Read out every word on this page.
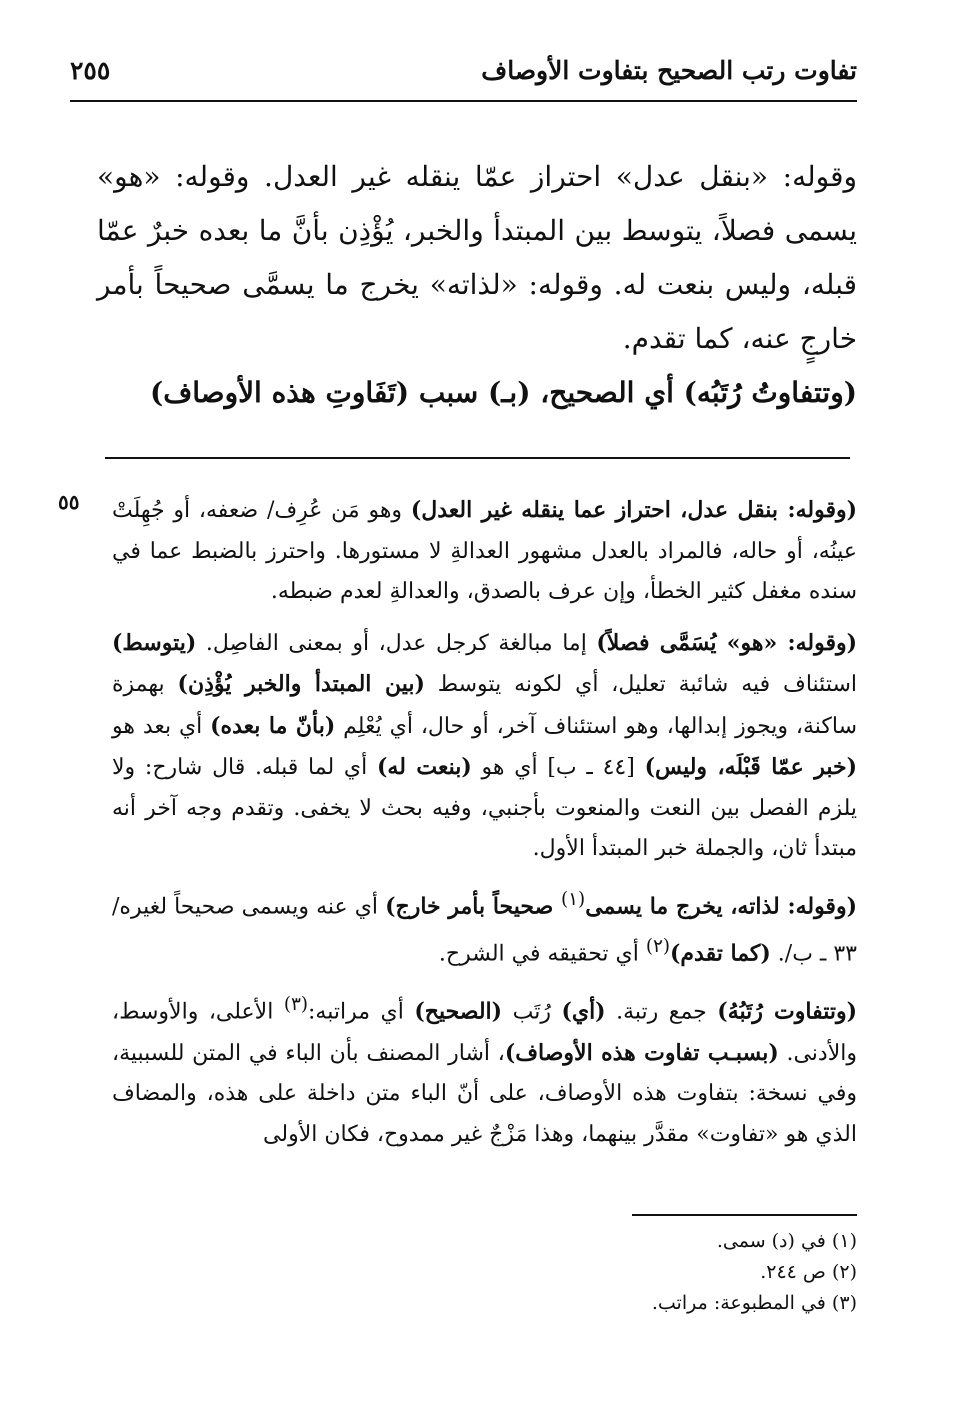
تفاوت رتب الصحيح بتفاوت الأوصاف
٢٥٥

وقوله: «بنقل عدل» احتراز عمّا ينقله غير العدل. وقوله: «هو» يسمى فصلاً، يتوسط بين المبتدأ والخبر، يُؤْذِن بأنَّ ما بعده خبرٌ عمّا قبله، وليس بنعت له. وقوله: «لذاته» يخرج ما يسمَّى صحيحاً بأمر خارجٍ عنه، كما تقدم.

(وتتفاوتُ رُتَبُه) أي الصحيح، (بـ) سبب (تَفَاوتِ هذه الأوصاف)

٥٥	(وقوله: بنقل عدل، احتراز عما ينقله غير العدل) وهو مَن عُرِف/ ضعفه، أو جُهِلَتْ عينُه، أو حاله، فالمراد بالعدل مشهور العدالةِ لا مستورها. واحترز بالضبط عما في سنده مغفل كثير الخطأ، وإن عرف بالصدق، والعدالةِ لعدم ضبطه.

(وقوله: «هو» يُسَمَّى فصلاً) إما مبالغة كرجل عدل، أو بمعنى الفاصِل. (يتوسط) استئناف فيه شائبة تعليل، أي لكونه يتوسط (بين المبتدأ والخبر يُؤْذِن) بهمزة ساكنة، ويجوز إبدالها، وهو استئناف آخر، أو حال، أي يُعْلِم (بأنّ ما بعده) أي بعد هو (خبر عمّا قَبْلَه، وليس) [٤٤ ـ ب] أي هو (بنعت له) أي لما قبله. قال شارح: ولا يلزم الفصل بين النعت والمنعوت بأجنبي، وفيه بحث لا يخفى. وتقدم وجه آخر أنه مبتدأ ثان، والجملة خبر المبتدأ الأول.

(وقوله: لذاته، يخرج ما يسمى$^{(١)}$ صحيحاً بأمر خارج) أي عنه ويسمى صحيحاً لغيره/٣٣ ـ ب/. (كما تقدم)$^{(٢)}$ أي تحقيقه في الشرح.

(وتتفاوت رُتَبُهُ) جمع رتبة. (أي) رُتَب (الصحيح) أي مراتبه:$^{(٣)}$ الأعلى، والأوسط، والأدنى. (بسبـب تفاوت هذه الأوصاف)، أشار المصنف بأن الباء في المتن للسببية، وفي نسخة: بتفاوت هذه الأوصاف، على أنّ الباء متن داخلة على هذه، والمضاف الذي هو «تفاوت» مقدَّر بينهما، وهذا مَزْجٌ غير ممدوح، فكان الأولى

(١) في (د) سمى.
(٢) ص ٢٤٤.
(٣) في المطبوعة: مراتب.
